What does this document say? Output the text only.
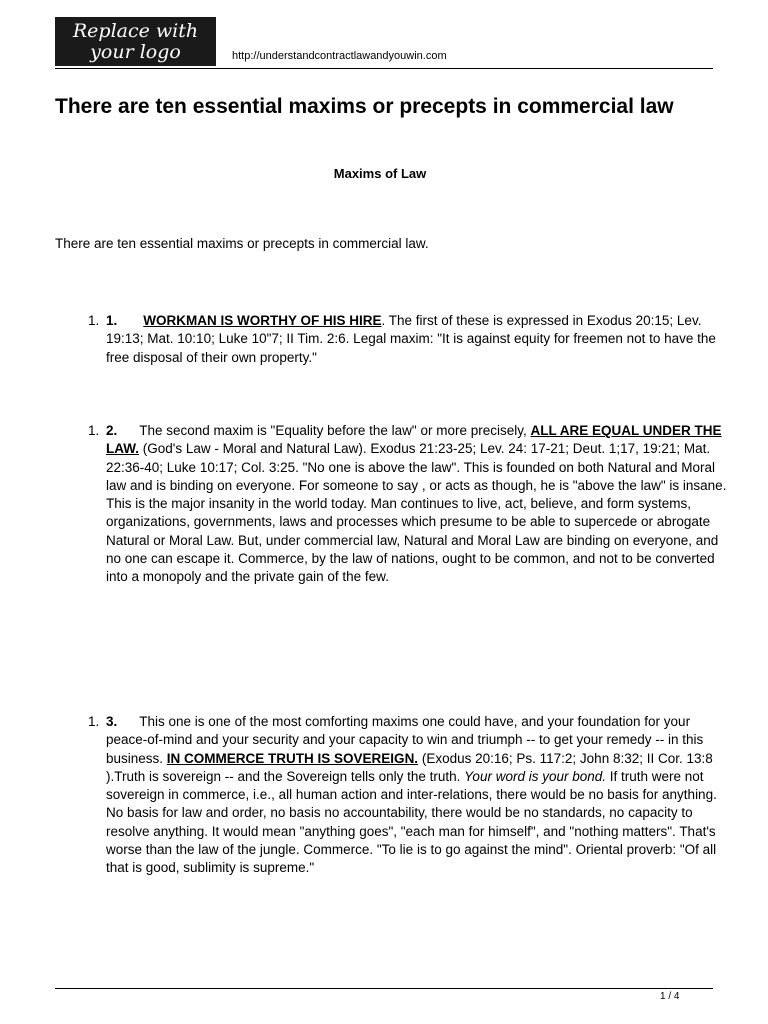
Replace with
your logo	http://understandcontractlawandyouwin.com
There are ten essential maxims or precepts in commercial law
Maxims of Law
There are ten essential maxims or precepts in commercial law.
1. 1. WORKMAN IS WORTHY OF HIS HIRE. The first of these is expressed in Exodus 20:15; Lev. 19:13; Mat. 10:10; Luke 10"7; II Tim. 2:6. Legal maxim: "It is against equity for freemen not to have the free disposal of their own property."
1. 2. The second maxim is "Equality before the law" or more precisely, ALL ARE EQUAL UNDER THE LAW. (God's Law - Moral and Natural Law). Exodus 21:23-25; Lev. 24: 17-21; Deut. 1;17, 19:21; Mat. 22:36-40; Luke 10:17; Col. 3:25. "No one is above the law". This is founded on both Natural and Moral law and is binding on everyone. For someone to say , or acts as though, he is "above the law" is insane. This is the major insanity in the world today. Man continues to live, act, believe, and form systems, organizations, governments, laws and processes which presume to be able to supercede or abrogate Natural or Moral Law. But, under commercial law, Natural and Moral Law are binding on everyone, and no one can escape it. Commerce, by the law of nations, ought to be common, and not to be converted into a monopoly and the private gain of the few.
1. 3. This one is one of the most comforting maxims one could have, and your foundation for your peace-of-mind and your security and your capacity to win and triumph -- to get your remedy -- in this business. IN COMMERCE TRUTH IS SOVEREIGN. (Exodus 20:16; Ps. 117:2; John 8:32; II Cor. 13:8 ).Truth is sovereign -- and the Sovereign tells only the truth. Your word is your bond. If truth were not sovereign in commerce, i.e., all human action and inter-relations, there would be no basis for anything. No basis for law and order, no basis no accountability, there would be no standards, no capacity to resolve anything. It would mean "anything goes", "each man for himself", and "nothing matters". That's worse than the law of the jungle. Commerce. "To lie is to go against the mind". Oriental proverb: "Of all that is good, sublimity is supreme."
1 / 4
